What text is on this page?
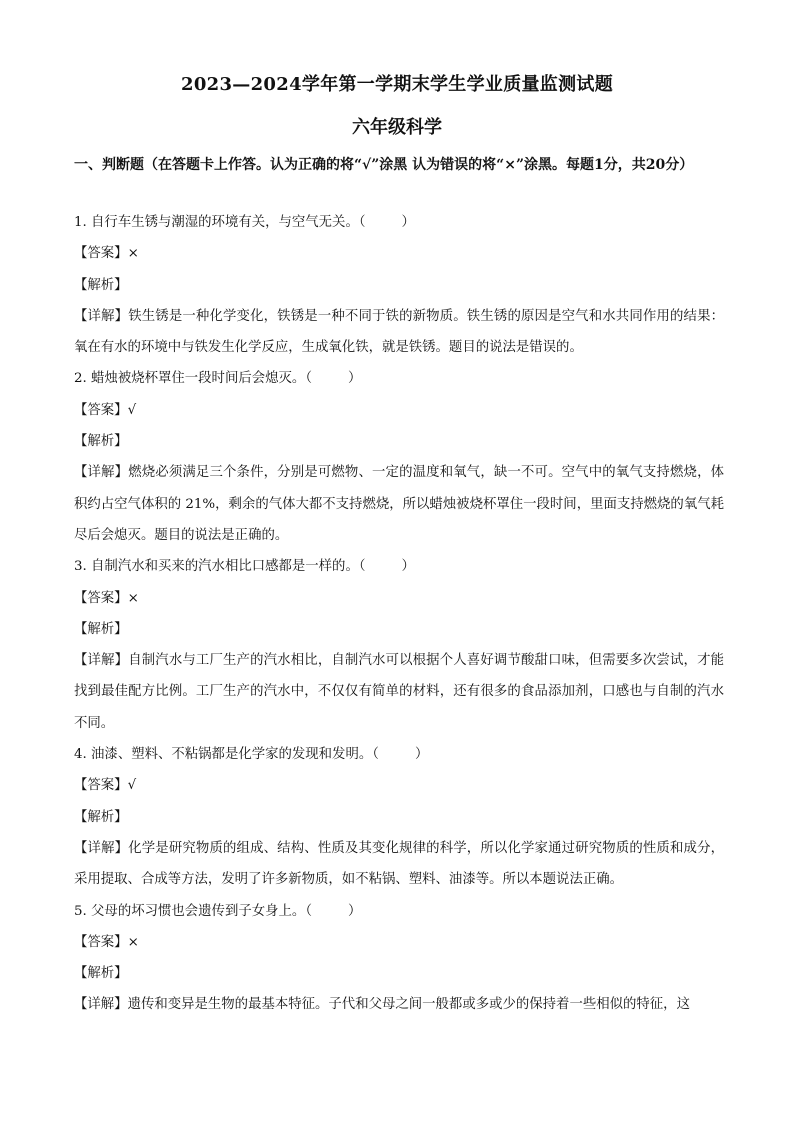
2023—2024学年第一学期末学生学业质量监测试题
六年级科学
一、判断题（在答题卡上作答。认为正确的将“√”涂黑 认为错误的将“×”涂黑。每题1分，共20分）
1. 自行车生锈与潮湿的环境有关，与空气无关。（	）
【答案】×
【解析】
【详解】铁生锈是一种化学变化，铁锈是一种不同于铁的新物质。铁生锈的原因是空气和水共同作用的结果：氧在有水的环境中与铁发生化学反应，生成氧化铁，就是铁锈。题目的说法是错误的。
2. 蜡烛被烧杯罩住一段时间后会熄灭。（	）
【答案】√
【解析】
【详解】燃烧必须满足三个条件，分别是可燃物、一定的温度和氧气，缺一不可。空气中的氧气支持燃烧，体积约占空气体积的 21%，剩余的气体大都不支持燃烧，所以蜡烛被烧杯罩住一段时间，里面支持燃烧的氧气耗尽后会熄灭。题目的说法是正确的。
3. 自制汽水和买来的汽水相比口感都是一样的。（	）
【答案】×
【解析】
【详解】自制汽水与工厂生产的汽水相比，自制汽水可以根据个人喜好调节酸甜口味，但需要多次尝试，才能找到最佳配方比例。工厂生产的汽水中，不仅仅有简单的材料，还有很多的食品添加剂，口感也与自制的汽水不同。
4. 油漆、塑料、不粘锅都是化学家的发现和发明。（	）
【答案】√
【解析】
【详解】化学是研究物质的组成、结构、性质及其变化规律的科学，所以化学家通过研究物质的性质和成分，采用提取、合成等方法，发明了许多新物质，如不粘锅、塑料、油漆等。所以本题说法正确。
5. 父母的坏习惯也会遗传到子女身上。（	）
【答案】×
【解析】
【详解】遗传和变异是生物的最基本特征。子代和父母之间一般都或多或少的保持着一些相似的特征，这
